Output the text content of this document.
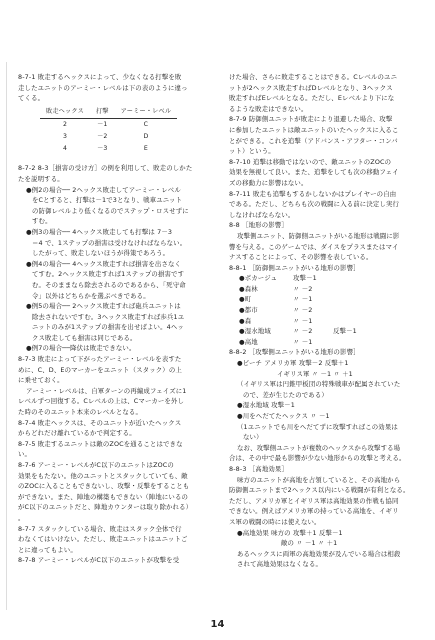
8-7-1 敗走するヘックスによって、少なくなる打撃を敗

走したユニットのアーミー・レベルは下の表のように違っ

てくる。

敗走ヘックス	打撃	アーミー・レベル
2	－1	C
3	－2	D
4	－3	E

8-7-2 8-3［損害の受け方］の例を利用して、敗走のしかた

たを説明する。

●例2の場合── 2ヘックス敗走してアーミー・レベル

をCとすると、打撃は－1で3となり、戦車ユニット

の防御レベルより低くなるのでステップ・ロスせずに

すむ。

●例3の場合── 4ヘックス敗走しても打撃は 7－3

＝4 で、1ステップの損害は受けなければならない。

したがって、敗走しないほうが得策であろう。

●例4の場合── 4ヘックス敗走すれば損害を出さなく

てすむ。2ヘックス敗走すれば1ステップの損害です

む。そのままなら除去されるのであるから、「死守命

令」以外はどちらかを選ぶべきである。

●例5の場合── 2ヘックス敗走すれば砲兵ユニットは

除去されないですむ。3ヘックス敗走すれば歩兵1ユ

ニットのみが1ステップの損害を出せばよい。4ヘッ

クス敗走しても損害は同じである。

●例7の場合──降伏は敗走できない。

8-7-3 敗走によって下がったアーミー・レベルを表すた

めに、C、D、Eのマーカーをユニット（スタック）の上

に乗せておく。

アーミー・レベルは、自軍ターンの再編成フェイズに1

レベルずつ回復する。Cレベルの上は、Cマーカーを外し

た時のそのユニット本来のレベルとなる。

8-7-4 敗走ヘックスは、そのユニットが近いたヘックス

からどれだけ離れているかで判定する。

8-7-5 敗走するユニットは敵のZOCを通ることはできな

い。

8-7-6 アーミー・レベルがC以下のユニットはZOCの

効果をもたない。他のユニットとスタックしていても、敵

のZOCに入ることもできないし、攻撃・反撃をすることも

ができない。また、陣地の構築もできない（陣地にいるの

がC以下のユニットだと、陣地カウンターは取り除かれる）

。

8-7-7 スタックしている場合、敗走はスタック全体で行

わなくてはいけない。ただし、敗走ユニットはユニットご

とに違ってもよい。

8-7-8 アーミー・レベルがC以下のユニットが攻撃を受

けた場合、さらに敗走することはできる。Cレベルのユニ

ットが2ヘックス敗走すればDレベルとなり、3ヘックス

敗走すればEレベルとなる。ただし、Eレベルより下にな

るような敗走はできない。

8-7-9 防御側ユニットが敗走により退避した場合、攻撃

に参加したユニットは敵ユニットのいたヘックスに入るこ

とができる。これを追撃（アドバンス・アフター・コンバ

ット）という。

8-7-10 追撃は移動ではないので、敵ユニットのZOCの

効果を無視して良い。また、追撃をしても次の移動フェイ

ズの移動力に影響はない。

8-7-11 敗走も追撃もするかしないかはプレイヤーの自由

である。ただし、どちらも次の戦闘に入る前に決定し実行

しなければならない。

8-8 ［地形の影響］

攻撃側ユニット、防御側ユニットがいる地形は戦闘に影

響を与える。このゲームでは、ダイスをプラスまたはマイ

ナスすることによって、その影響を表している。

8-8-1 ［防御側ユニットがいる地形の影響］

●ボカージュ	攻撃－1
●森林	〃 －2
●町	〃 －1
●都市	〃 －2
●森	〃 －1
●湿水地域	〃 －2	反撃－1
●高地	〃 －1

8-8-2 ［攻撃側ユニットがいる地形の影響］

●ビーチ アメリカ軍 攻撃－2 反撃＋1

イギリス軍 〃 －1 〃 ＋1

（イギリス軍は円錐甲板団の特殊戦車が配属されていた

ので、差が生じたのである）

●湿水地域 攻撃－1

●川をへだてたヘックス 〃 －1

（1ユニットでも川をへだてずに攻撃すればこの効果は

ない）

なお、攻撃側ユニットが複数のヘックスから攻撃する場

合は、その中で最も影響が少ない地形からの攻撃と考える。

8-8-3 ［高地効果］

味方のユニットが高地を占領していると、その高地から

防御側ユニットまで2ヘックス以内にいる戦闘が有利となる。

ただし、アメリカ軍とイギリス軍は高地効果の作戦も協同

できない。例えばアメリカ軍の持っている高地を、イギリ

ス軍の戦闘の時には使えない。

●高地効果 味方の 攻撃＋1 反撃－1

敵の 〃 －1 〃 ＋1

あるヘックスに両軍の高地効果が及んでいる場合は相殺

されて高地効果はなくなる。

14
